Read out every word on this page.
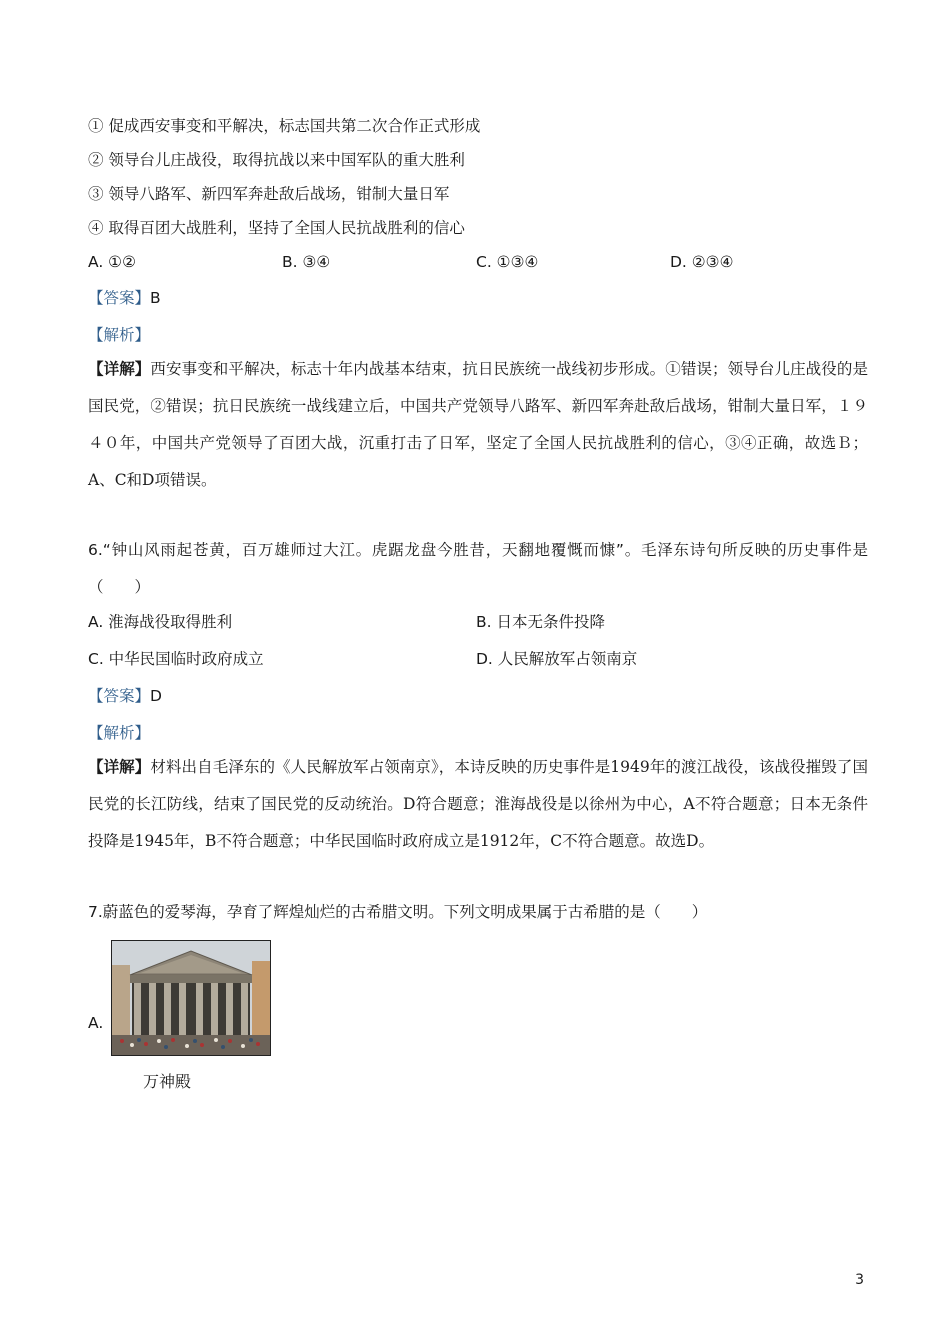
① 促成西安事变和平解决，标志国共第二次合作正式形成
② 领导台儿庄战役，取得抗战以来中国军队的重大胜利
③ 领导八路军、新四军奔赴敌后战场，钳制大量日军
④ 取得百团大战胜利，坚持了全国人民抗战胜利的信心
A. ①②	B. ③④	C. ①③④	D. ②③④
【答案】B
【解析】
【详解】西安事变和平解决，标志十年内战基本结束，抗日民族统一战线初步形成。①错误；领导台儿庄战役的是国民党，②错误；抗日民族统一战线建立后，中国共产党领导八路军、新四军奔赴敌后战场，钳制大量日军，１９４０年，中国共产党领导了百团大战，沉重打击了日军，坚定了全国人民抗战胜利的信心，③④正确，故选Ｂ；A、C和D项错误。
6.“钟山风雨起苍黄，百万雄师过大江。虎踞龙盘今胜昔，天翻地覆慨而慷”。毛泽东诗句所反映的历史事件是（　　）
A. 淮海战役取得胜利	B. 日本无条件投降
C. 中华民国临时政府成立	D. 人民解放军占领南京
【答案】D
【解析】
【详解】材料出自毛泽东的《人民解放军占领南京》，本诗反映的历史事件是1949年的渡江战役，该战役摧毁了国民党的长江防线，结束了国民党的反动统治。D符合题意；淮海战役是以徐州为中心，A不符合题意；日本无条件投降是1945年，B不符合题意；中华民国临时政府成立是1912年，C不符合题意。故选D。
7.蔚蓝色的爱琴海，孕育了辉煌灿烂的古希腊文明。下列文明成果属于古希腊的是（　　）
A.
万神殿
3
